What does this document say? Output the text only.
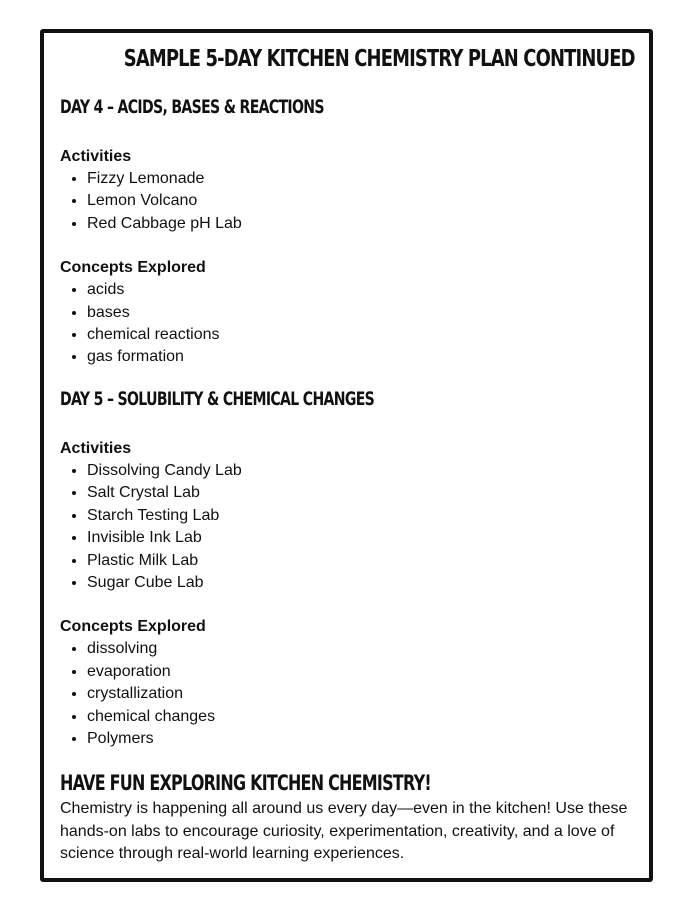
SAMPLE 5-DAY KITCHEN CHEMISTRY PLAN CONTINUED
DAY 4 – ACIDS, BASES & REACTIONS

Activities

• Fizzy Lemonade
• Lemon Volcano
• Red Cabbage pH Lab

Concepts Explored

• acids
• bases
• chemical reactions
• gas formation
DAY 5 – SOLUBILITY & CHEMICAL CHANGES

Activities

• Dissolving Candy Lab
• Salt Crystal Lab
• Starch Testing Lab
• Invisible Ink Lab
• Plastic Milk Lab
• Sugar Cube Lab

Concepts Explored

• dissolving
• evaporation
• crystallization
• chemical changes
• Polymers
HAVE FUN EXPLORING KITCHEN CHEMISTRY!

Chemistry is happening all around us every day—even in the kitchen! Use these hands-on labs to encourage curiosity, experimentation, creativity, and a love of science through real-world learning experiences.
